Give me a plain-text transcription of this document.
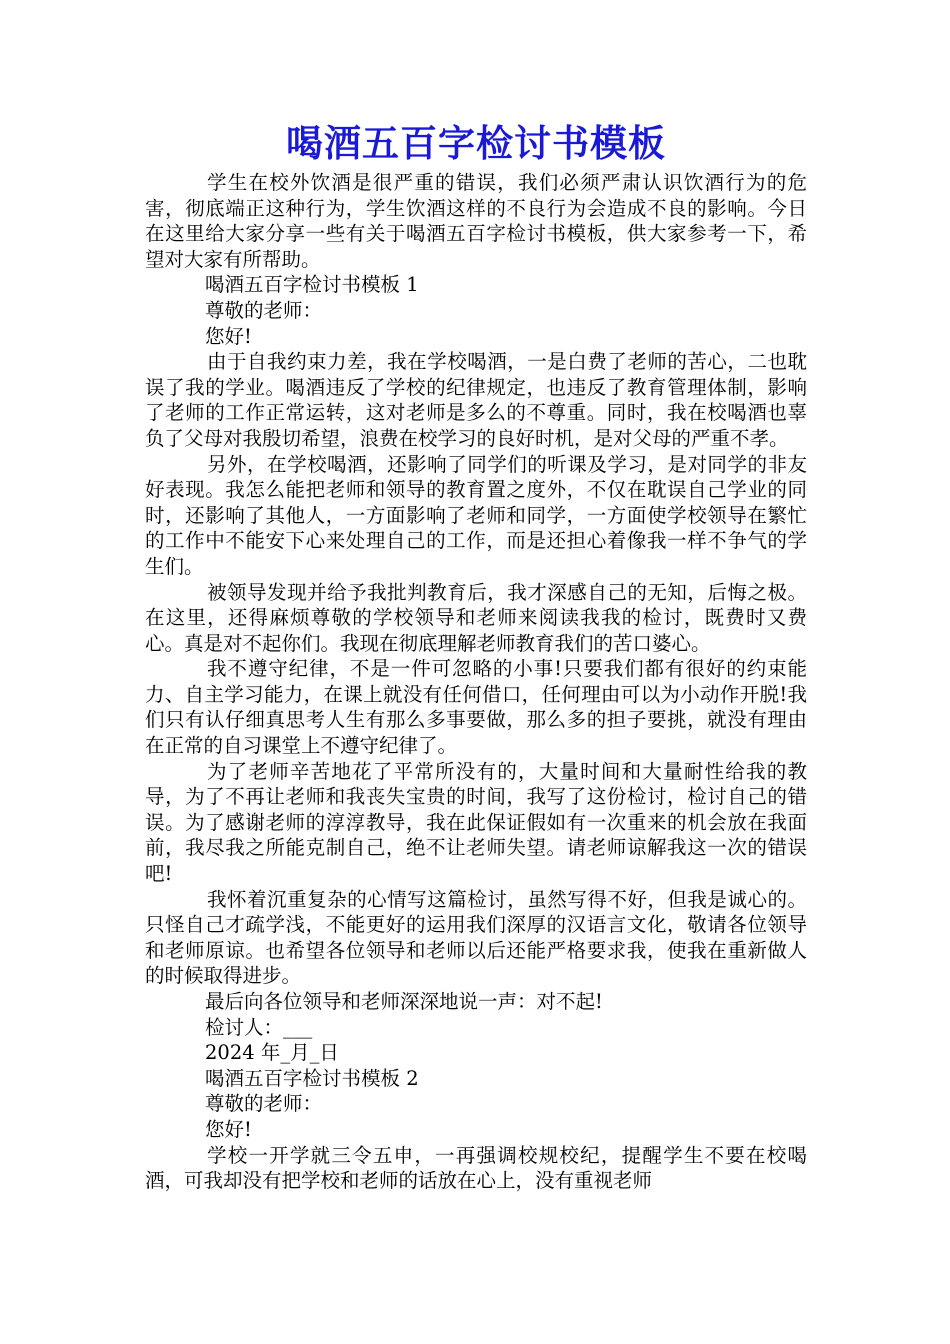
喝酒五百字检讨书模板

学生在校外饮酒是很严重的错误，我们必须严肃认识饮酒行为的危害，彻底端正这种行为，学生饮酒这样的不良行为会造成不良的影响。今日在这里给大家分享一些有关于喝酒五百字检讨书模板，供大家参考一下，希望对大家有所帮助。

喝酒五百字检讨书模板 1

尊敬的老师：

您好!

由于自我约束力差，我在学校喝酒，一是白费了老师的苦心，二也耽误了我的学业。喝酒违反了学校的纪律规定，也违反了教育管理体制，影响了老师的工作正常运转，这对老师是多么的不尊重。同时，我在校喝酒也辜负了父母对我殷切希望，浪费在校学习的良好时机，是对父母的严重不孝。

另外，在学校喝酒，还影响了同学们的听课及学习，是对同学的非友好表现。我怎么能把老师和领导的教育置之度外，不仅在耽误自己学业的同时，还影响了其他人，一方面影响了老师和同学，一方面使学校领导在繁忙的工作中不能安下心来处理自己的工作，而是还担心着像我一样不争气的学生们。

被领导发现并给予我批判教育后，我才深感自己的无知，后悔之极。在这里，还得麻烦尊敬的学校领导和老师来阅读我我的检讨，既费时又费心。真是对不起你们。我现在彻底理解老师教育我们的苦口婆心。

我不遵守纪律，不是一件可忽略的小事!只要我们都有很好的约束能力、自主学习能力，在课上就没有任何借口，任何理由可以为小动作开脱!我们只有认仔细真思考人生有那么多事要做，那么多的担子要挑，就没有理由在正常的自习课堂上不遵守纪律了。

为了老师辛苦地花了平常所没有的，大量时间和大量耐性给我的教导，为了不再让老师和我丧失宝贵的时间，我写了这份检讨，检讨自己的错误。为了感谢老师的淳淳教导，我在此保证假如有一次重来的机会放在我面前，我尽我之所能克制自己，绝不让老师失望。请老师谅解我这一次的错误吧!

我怀着沉重复杂的心情写这篇检讨，虽然写得不好，但我是诚心的。只怪自己才疏学浅，不能更好的运用我们深厚的汉语言文化，敬请各位领导和老师原谅。也希望各位领导和老师以后还能严格要求我，使我在重新做人的时候取得进步。

最后向各位领导和老师深深地说一声：对不起!

检讨人：___

2024 年_月_日

喝酒五百字检讨书模板 2

尊敬的老师：

您好!

学校一开学就三令五申，一再强调校规校纪，提醒学生不要在校喝酒，可我却没有把学校和老师的话放在心上，没有重视老师
